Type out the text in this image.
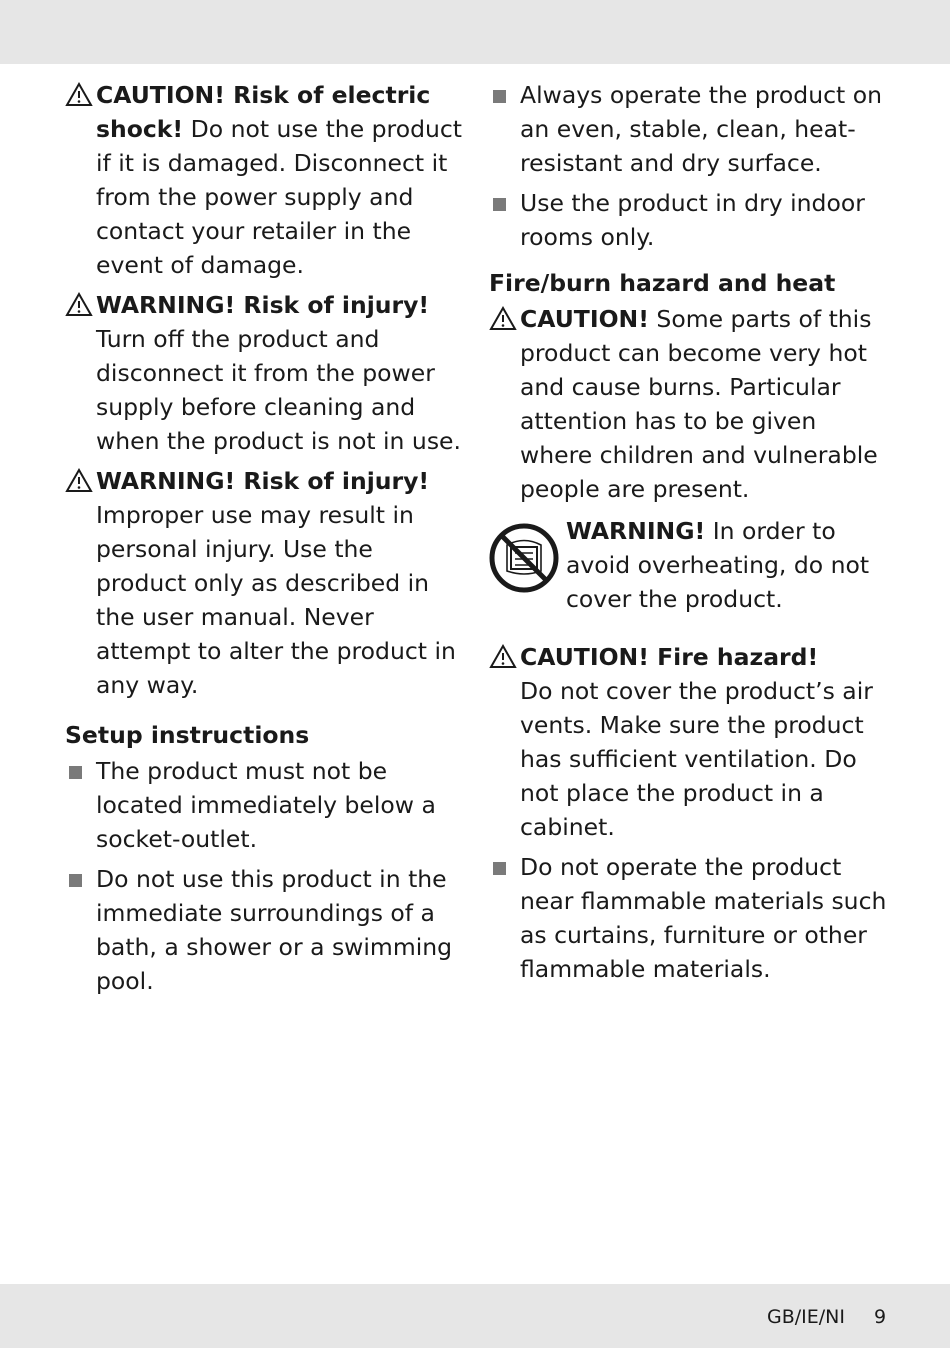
CAUTION! Risk of electric shock! Do not use the product if it is damaged. Disconnect it from the power supply and contact your retailer in the event of damage.
WARNING! Risk of injury!
Turn off the product and disconnect it from the power supply before cleaning and when the product is not in use.
WARNING! Risk of injury!
Improper use may result in personal injury. Use the product only as described in the user manual. Never attempt to alter the product in any way.
Setup instructions
The product must not be located immediately below a socket-outlet.
Do not use this product in the immediate surroundings of a bath, a shower or a swimming pool.
Always operate the product on an even, stable, clean, heat-resistant and dry surface.
Use the product in dry indoor rooms only.
Fire/burn hazard and heat
CAUTION! Some parts of this product can become very hot and cause burns. Particular attention has to be given where children and vulnerable people are present.
WARNING! In order to avoid overheating, do not cover the product.
CAUTION! Fire hazard!
Do not cover the product’s air vents. Make sure the product has sufficient ventilation. Do not place the product in a cabinet.
Do not operate the product near flammable materials such as curtains, furniture or other flammable materials.
GB/IE/NI 9
